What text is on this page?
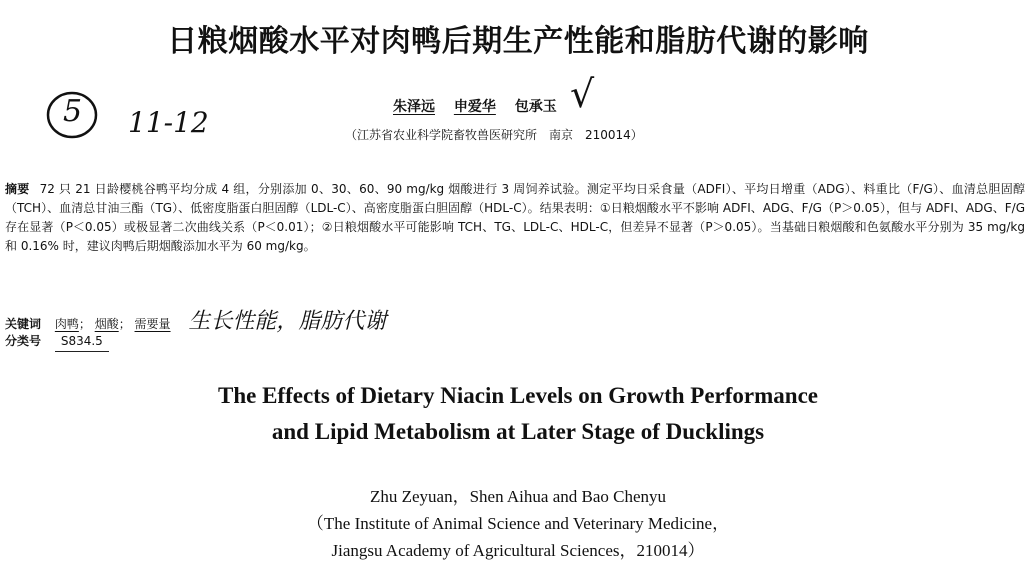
日粮烟酸水平对肉鸭后期生产性能和脂肪代谢的影响
5 11-12
√
朱泽远 申爱华 包承玉
（江苏省农业科学院畜牧兽医研究所　南京　210014）
摘要 72 只 21 日龄樱桃谷鸭平均分成 4 组，分别添加 0、30、60、90 mg/kg 烟酸进行 3 周饲养试验。测定平均日采食量（ADFI）、平均日增重（ADG）、料重比（F/G）、血清总胆固醇（TCH）、血清总甘油三酯（TG）、低密度脂蛋白胆固醇（LDL-C）、高密度脂蛋白胆固醇（HDL-C）。结果表明：①日粮烟酸水平不影响 ADFI、ADG、F/G（P＞0.05），但与 ADFI、ADG、F/G 存在显著（P＜0.05）或极显著二次曲线关系（P＜0.01）；②日粮烟酸水平可能影响 TCH、TG、LDL-C、HDL-C，但差异不显著（P＞0.05）。当基础日粮烟酸和色氨酸水平分别为 35 mg/kg 和 0.16% 时，建议肉鸭后期烟酸添加水平为 60 mg/kg。
关键词 肉鸭； 烟酸； 需要量 生长性能，脂肪代谢
分类号 S834.5
The Effects of Dietary Niacin Levels on Growth Performance
and Lipid Metabolism at Later Stage of Ducklings
Zhu Zeyuan，Shen Aihua and Bao Chenyu
（The Institute of Animal Science and Veterinary Medicine，
Jiangsu Academy of Agricultural Sciences，210014）
